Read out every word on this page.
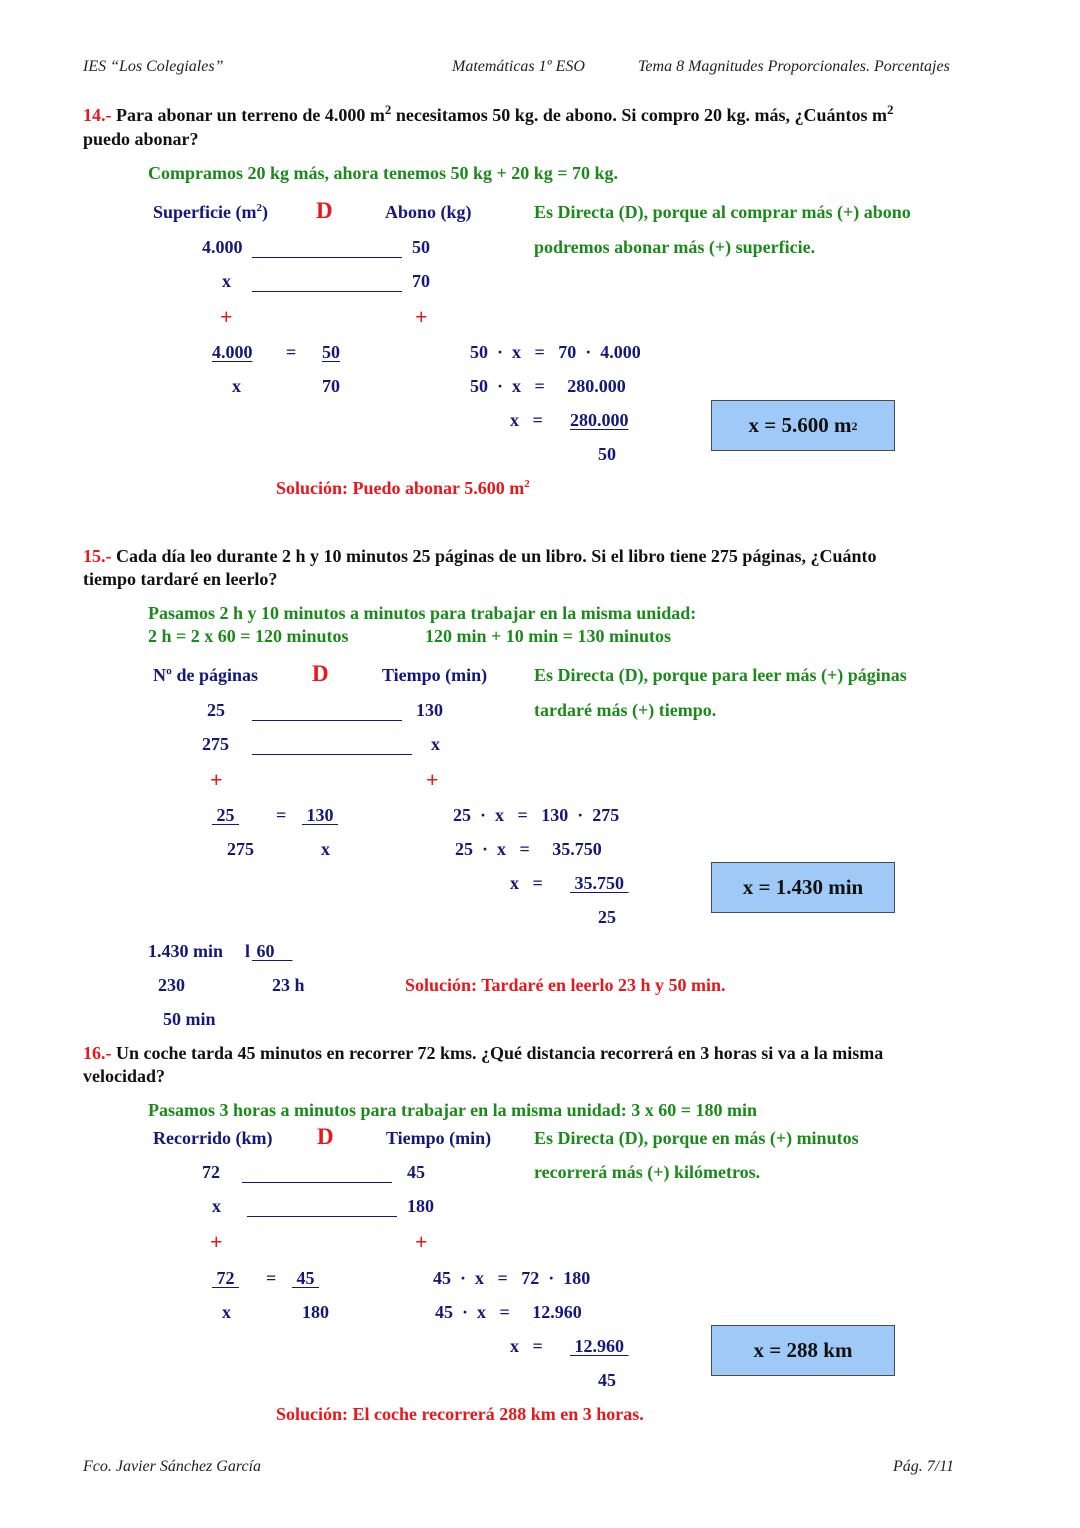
IES “Los Colegiales”	Matemáticas 1º ESO	Tema 8 Magnitudes Proporcionales. Porcentajes
14.- Para abonar un terreno de 4.000 $m^2$ necesitamos 50 kg. de abono. Si compro 20 kg. más, ¿Cuántos $m^2$
puedo abonar?
Compramos 20 kg más, ahora tenemos 50 kg + 20 kg = 70 kg.
Superficie $(m^2)$ D	Abono (kg)	Es Directa (D), porque al comprar más (+) abono
podremos abonar más (+) superficie.
4.000	50
x	70
+	+
4.000 = 50
x	70
50  ·  x   =   70  ·  4.000
50  ·  x   =     280.000
x   = 280.000
50
x = 5.600 m 2
Solución: Puedo abonar 5.600 $m^2$
15.- Cada día leo durante 2 h y 10 minutos 25 páginas de un libro. Si el libro tiene 275 páginas, ¿Cuánto
tiempo tardaré en leerlo?
Pasamos 2 h y 10 minutos a minutos para trabajar en la misma unidad:
2 h = 2 x 60 = 120 minutos	120 min + 10 min = 130 minutos
Nº de páginas D	Tiempo (min)	Es Directa (D), porque para leer más (+) páginas
tardaré más (+) tiempo.
25	130
275	x
+	+
25 = 130
275	x
25  ·  x   =   130  ·  275
25  ·  x   =     35.750
x   = 35.750
25
x = 1.430 min
1.430 min l 60
230	23 h
50 min
Solución: Tardaré en leerlo 23 h y 50 min.
16.- Un coche tarda 45 minutos en recorrer 72 kms. ¿Qué distancia recorrerá en 3 horas si va a la misma
velocidad?
Pasamos 3 horas a minutos para trabajar en la misma unidad: 3 x 60 = 180 min
Recorrido (km) D	Tiempo (min) Es Directa (D), porque en más (+) minutos
recorrerá más (+) kilómetros.
72	45
x	180
+	+
72 = 45
x	180
45  ·  x   =   72  ·  180
45  ·  x   =     12.960
x   = 12.960
45
x = 288 km
Solución: El coche recorrerá 288 km en 3 horas.
Fco. Javier Sánchez García	Pág. 7/11
